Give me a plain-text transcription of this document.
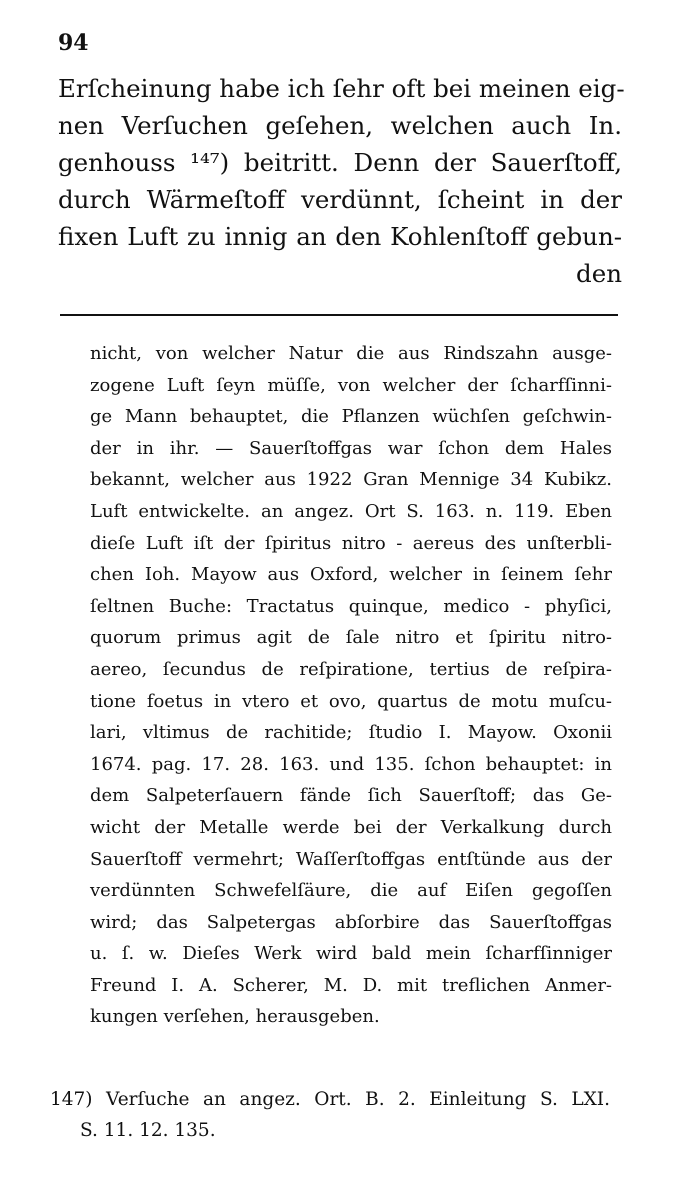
94
Erſcheinung habe ich ſehr oft bei meinen eig-
nen Verſuchen geſehen, welchen auch In.
genhouss ¹⁴⁷) beitritt. Denn der Sauerſtoff,
durch Wärmeſtoff verdünnt, ſcheint in der
fixen Luft zu innig an den Kohlenſtoff gebun-
den
nicht, von welcher Natur die aus Rindszahn ausge-
zogene Luft ſeyn müſſe, von welcher der ſcharfſinni-
ge Mann behauptet, die Pflanzen wüchſen geſchwin-
der in ihr. — Sauerſtoffgas war ſchon dem Hales
bekannt, welcher aus 1922 Gran Mennige 34 Kubikz.
Luft entwickelte. an angez. Ort S. 163. n. 119. Eben
dieſe Luft iſt der ſpiritus nitro - aereus des unſterbli-
chen Ioh. Mayow aus Oxford, welcher in ſeinem ſehr
ſeltnen Buche: Tractatus quinque, medico - phyſici,
quorum primus agit de ſale nitro et ſpiritu nitro-
aereo, ſecundus de reſpiratione, tertius de reſpira-
tione foetus in vtero et ovo, quartus de motu muſcu-
lari, vltimus de rachitide; ſtudio I. Mayow. Oxonii
1674. pag. 17. 28. 163. und 135. ſchon behauptet: in
dem Salpeterſauern fände ſich Sauerſtoff; das Ge-
wicht der Metalle werde bei der Verkalkung durch
Sauerſtoff vermehrt; Waſſerſtoffgas entſtünde aus der
verdünnten Schwefelſäure, die auf Eiſen gegoſſen
wird; das Salpetergas abſorbire das Sauerſtoffgas
u. ſ. w. Dieſes Werk wird bald mein ſcharfſinniger
Freund I. A. Scherer, M. D. mit treflichen Anmer-
kungen verſehen, herausgeben.
147) Verſuche an angez. Ort. B. 2. Einleitung S. LXI.
S. 11. 12. 135.
